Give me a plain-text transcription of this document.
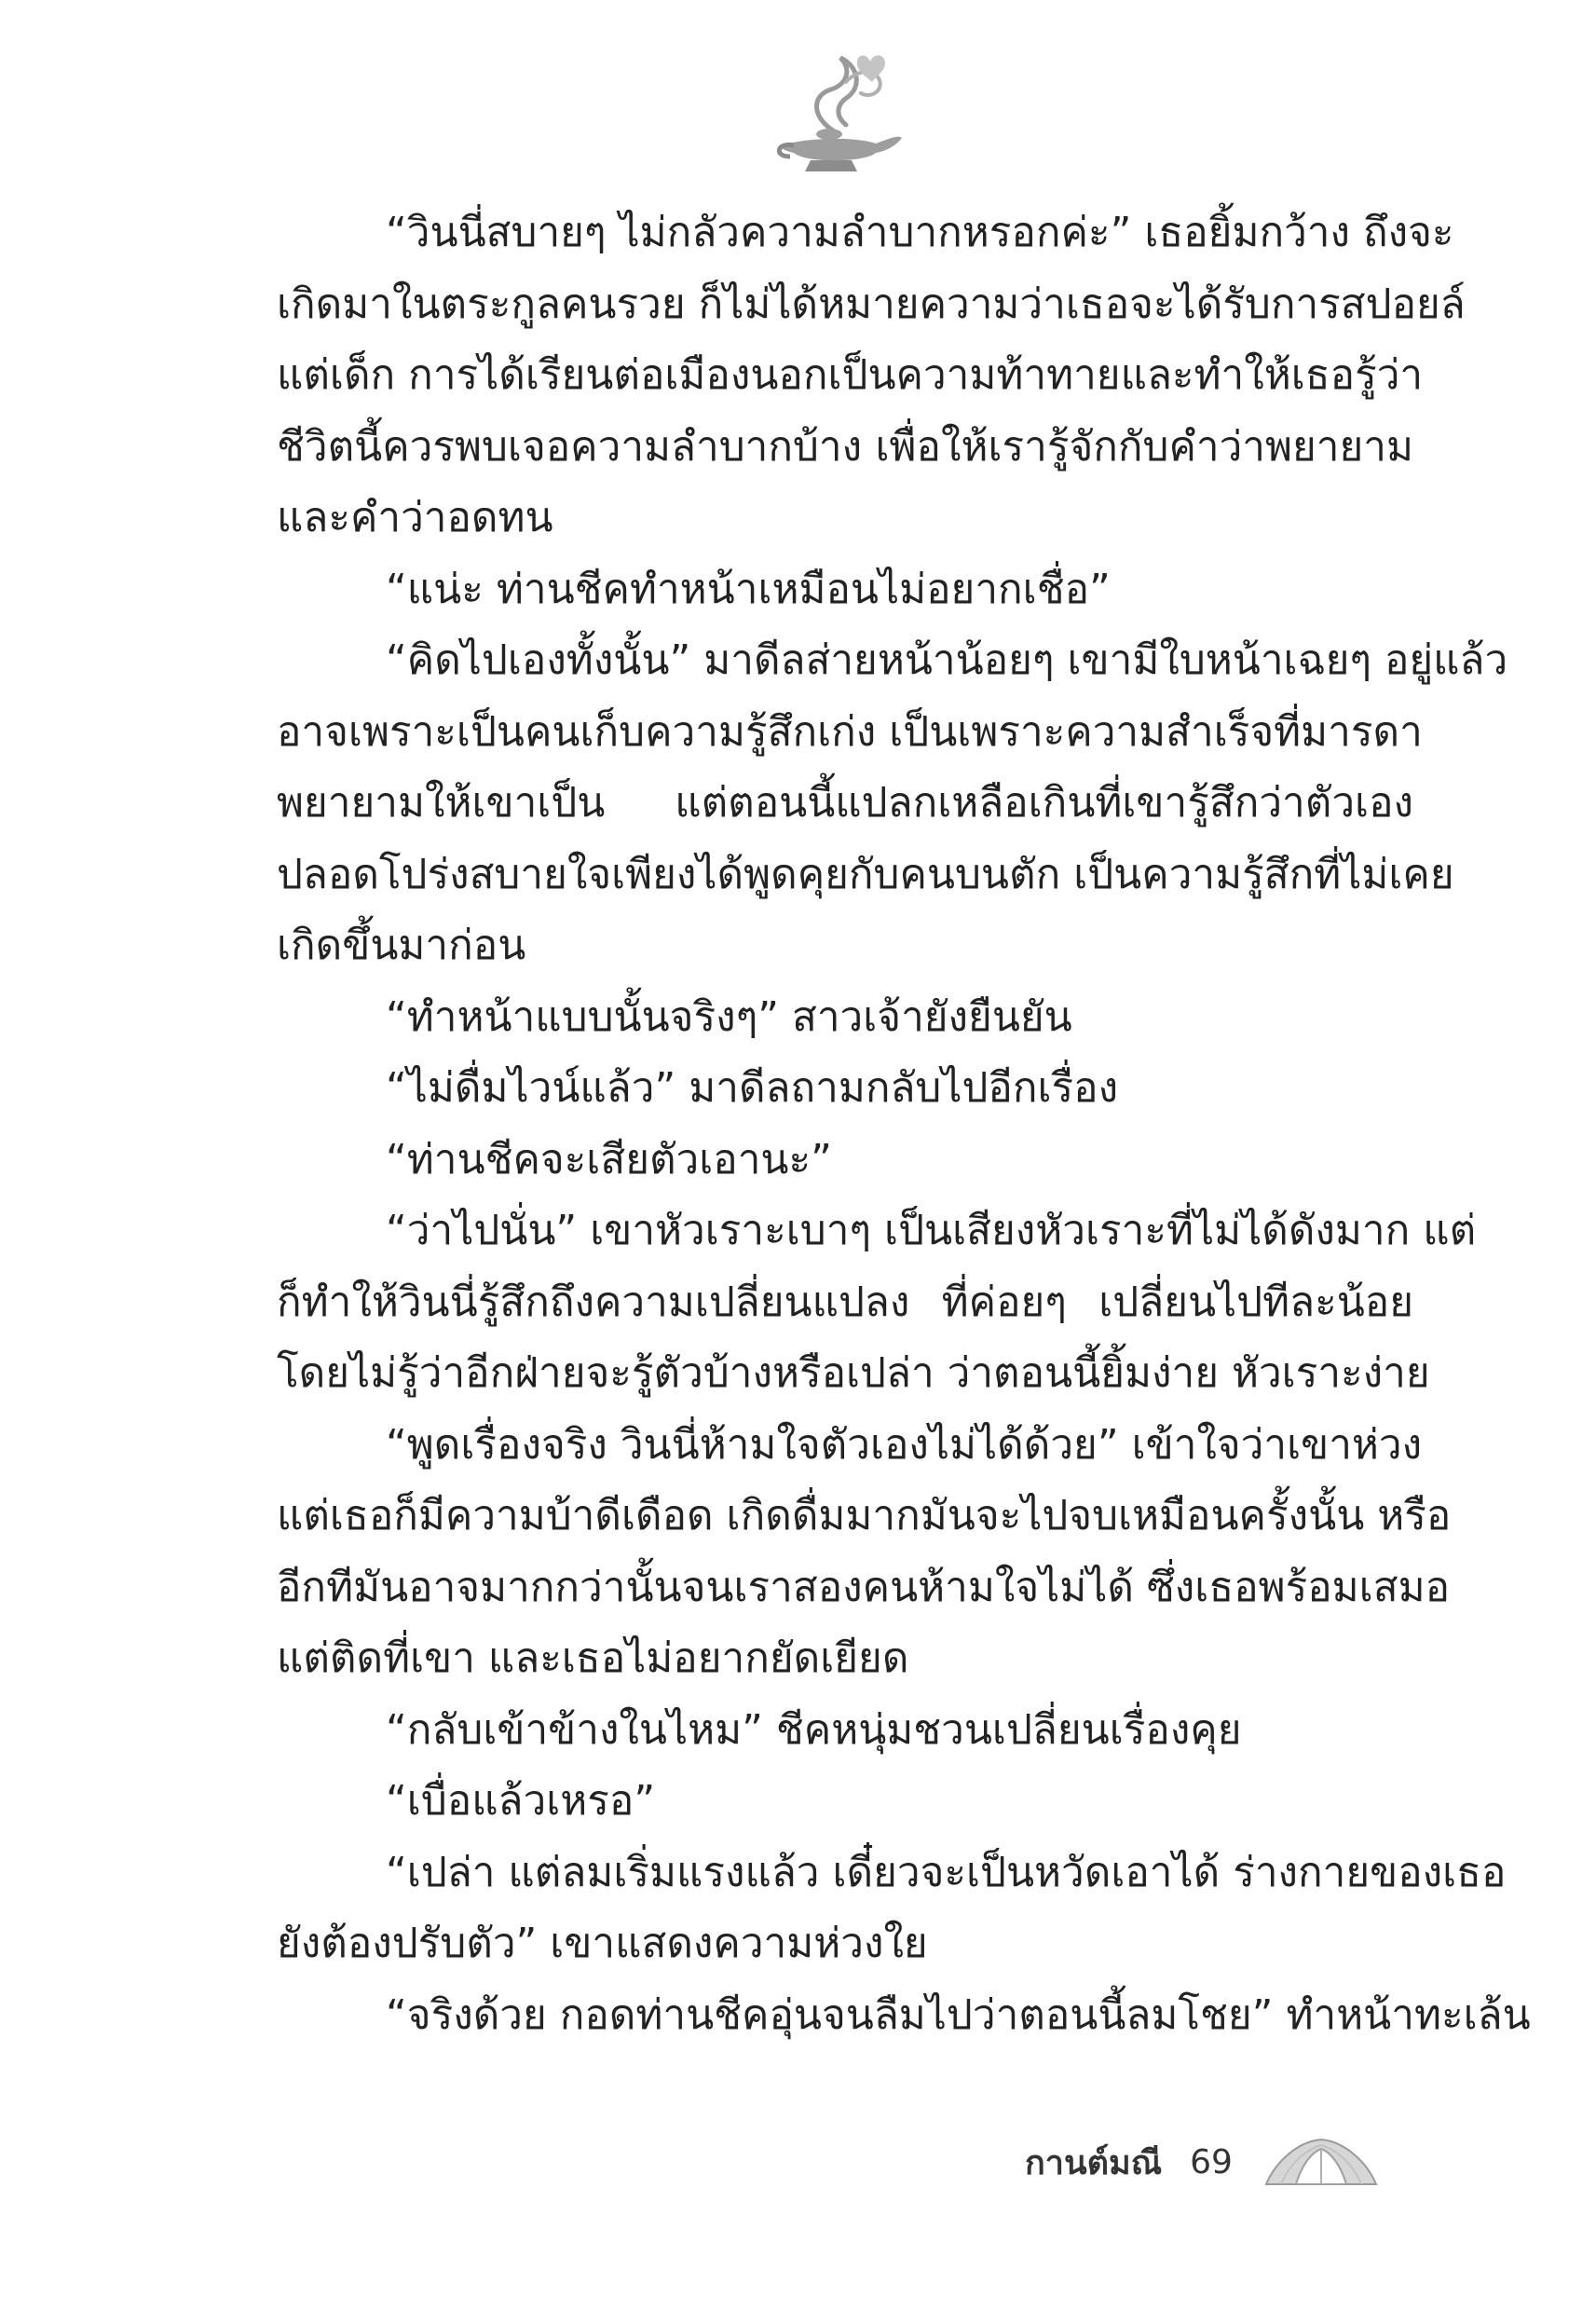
“วินนี่สบายๆ ไม่กลัวความลำบากหรอกค่ะ” เธอยิ้มกว้าง ถึงจะ
เกิดมาในตระกูลคนรวย ก็ไม่ได้หมายความว่าเธอจะได้รับการสปอยล์
แต่เด็ก การได้เรียนต่อเมืองนอกเป็นความท้าทายและทำให้เธอรู้ว่า
ชีวิตนี้ควรพบเจอความลำบากบ้าง เพื่อให้เรารู้จักกับคำว่าพยายาม
และคำว่าอดทน
“แน่ะ ท่านชีคทำหน้าเหมือนไม่อยากเชื่อ”
“คิดไปเองทั้งนั้น” มาดีลส่ายหน้าน้อยๆ เขามีใบหน้าเฉยๆ อยู่แล้ว
อาจเพราะเป็นคนเก็บความรู้สึกเก่ง เป็นเพราะความสำเร็จที่มารดา
พยายามให้เขาเป็น แต่ตอนนี้แปลกเหลือเกินที่เขารู้สึกว่าตัวเอง
ปลอดโปร่งสบายใจเพียงได้พูดคุยกับคนบนตัก เป็นความรู้สึกที่ไม่เคย
เกิดขึ้นมาก่อน
“ทำหน้าแบบนั้นจริงๆ” สาวเจ้ายังยืนยัน
“ไม่ดื่มไวน์แล้ว” มาดีลถามกลับไปอีกเรื่อง
“ท่านชีคจะเสียตัวเอานะ”
“ว่าไปนั่น” เขาหัวเราะเบาๆ เป็นเสียงหัวเราะที่ไม่ได้ดังมาก แต่
ก็ทำให้วินนี่รู้สึกถึงความเปลี่ยนแปลง ที่ค่อยๆ เปลี่ยนไปทีละน้อย
โดยไม่รู้ว่าอีกฝ่ายจะรู้ตัวบ้างหรือเปล่า ว่าตอนนี้ยิ้มง่าย หัวเราะง่าย
“พูดเรื่องจริง วินนี่ห้ามใจตัวเองไม่ได้ด้วย” เข้าใจว่าเขาห่วง
แต่เธอก็มีความบ้าดีเดือด เกิดดื่มมากมันจะไปจบเหมือนครั้งนั้น หรือ
อีกทีมันอาจมากกว่านั้นจนเราสองคนห้ามใจไม่ได้ ซึ่งเธอพร้อมเสมอ
แต่ติดที่เขา และเธอไม่อยากยัดเยียด
“กลับเข้าข้างในไหม” ชีคหนุ่มชวนเปลี่ยนเรื่องคุย
“เบื่อแล้วเหรอ”
“เปล่า แต่ลมเริ่มแรงแล้ว เดี๋ยวจะเป็นหวัดเอาได้ ร่างกายของเธอ
ยังต้องปรับตัว” เขาแสดงความห่วงใย
“จริงด้วย กอดท่านชีคอุ่นจนลืมไปว่าตอนนี้ลมโชย” ทำหน้าทะเล้น
กานต์มณี 69
